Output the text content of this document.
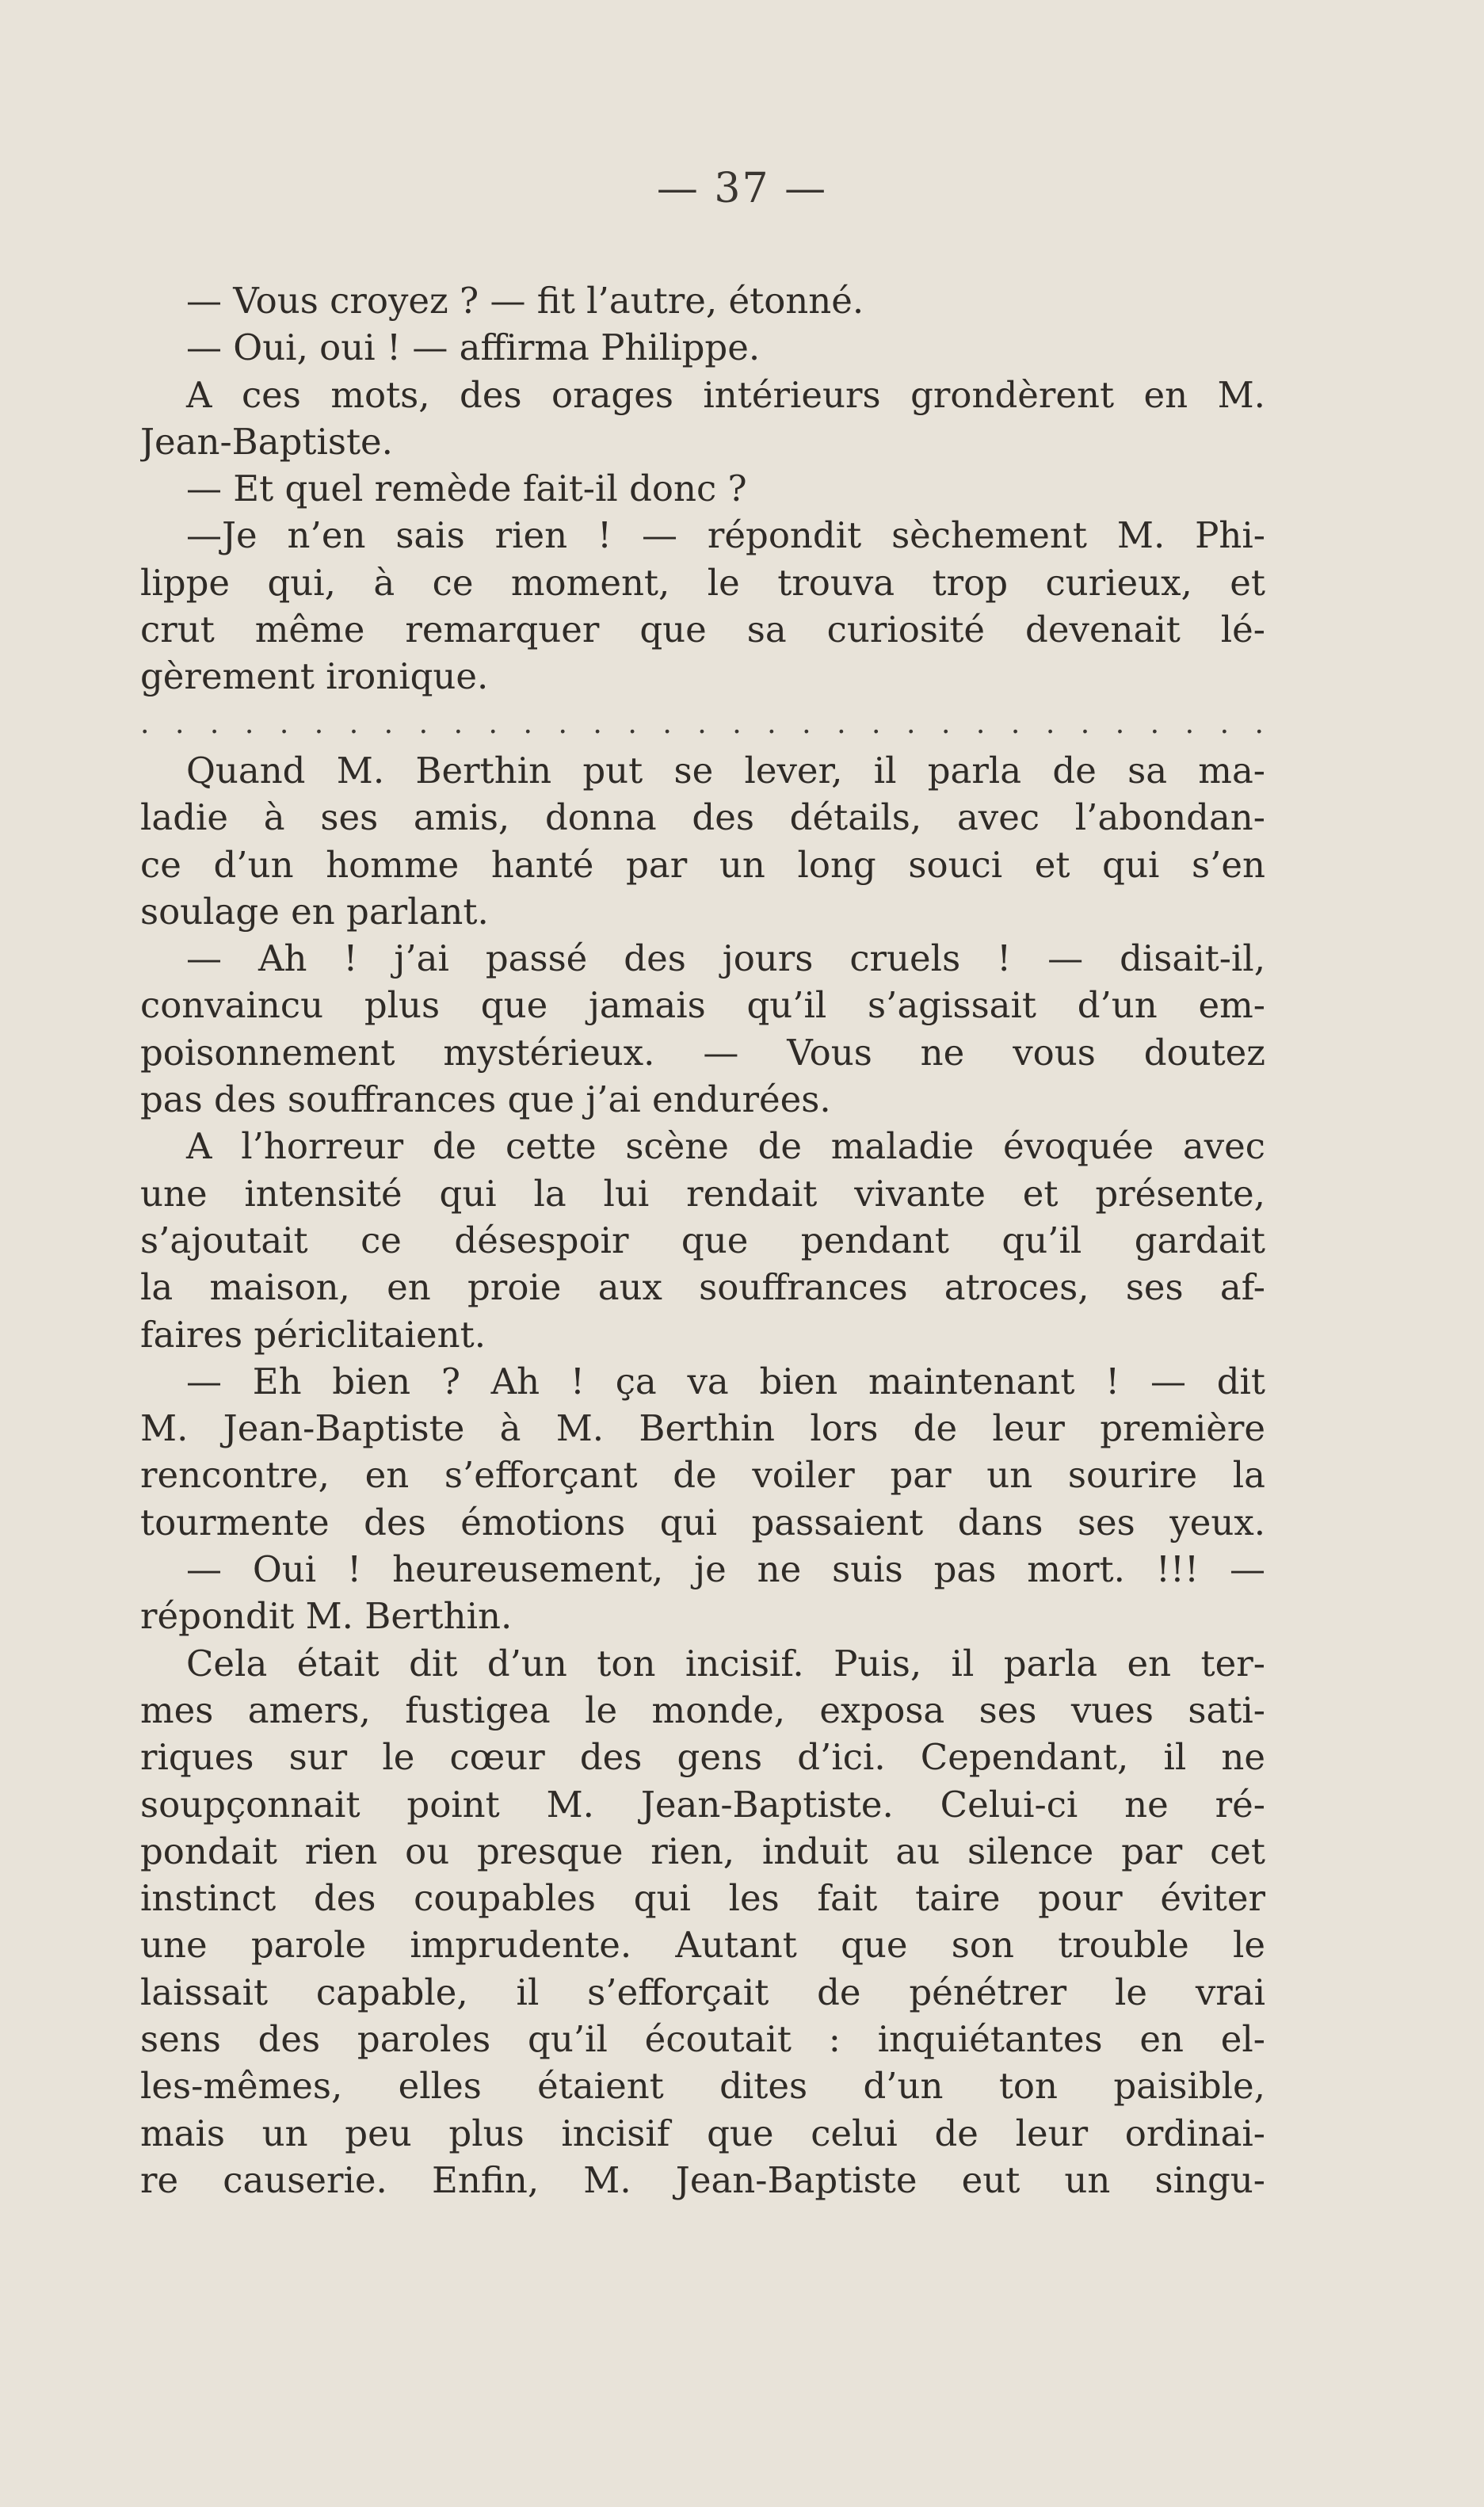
— 37 —
— Vous croyez ? — fit l’autre, étonné.
— Oui, oui ! — affirma Philippe.
A ces mots, des orages intérieurs grondèrent en M.
Jean-Baptiste.
— Et quel remède fait-il donc ?
—Je n’en sais rien ! — répondit sèchement M. Phi-
lippe qui, à ce moment, le trouva trop curieux, et
crut même remarquer que sa curiosité devenait lé-
gèrement ironique.
. . . . . . . . . . . . . . . . . . . . . . . . . . . . . . . . .
Quand M. Berthin put se lever, il parla de sa ma-
ladie à ses amis, donna des détails, avec l’abondan-
ce d’un homme hanté par un long souci et qui s’en
soulage en parlant.
— Ah ! j’ai passé des jours cruels ! — disait-il,
convaincu plus que jamais qu’il s’agissait d’un em-
poisonnement mystérieux. — Vous ne vous doutez
pas des souffrances que j’ai endurées.
A l’horreur de cette scène de maladie évoquée avec
une intensité qui la lui rendait vivante et présente,
s’ajoutait ce désespoir que pendant qu’il gardait
la maison, en proie aux souffrances atroces, ses af-
faires périclitaient.
— Eh bien ? Ah ! ça va bien maintenant ! — dit
M. Jean-Baptiste à M. Berthin lors de leur première
rencontre, en s’efforçant de voiler par un sourire la
tourmente des émotions qui passaient dans ses yeux.
— Oui ! heureusement, je ne suis pas mort. !!! —
répondit M. Berthin.
Cela était dit d’un ton incisif. Puis, il parla en ter-
mes amers, fustigea le monde, exposa ses vues sati-
riques sur le cœur des gens d’ici. Cependant, il ne
soupçonnait point M. Jean-Baptiste. Celui-ci ne ré-
pondait rien ou presque rien, induit au silence par cet
instinct des coupables qui les fait taire pour éviter
une parole imprudente. Autant que son trouble le
laissait capable, il s’efforçait de pénétrer le vrai
sens des paroles qu’il écoutait : inquiétantes en el-
les-mêmes, elles étaient dites d’un ton paisible,
mais un peu plus incisif que celui de leur ordinai-
re causerie. Enfin, M. Jean-Baptiste eut un singu-
